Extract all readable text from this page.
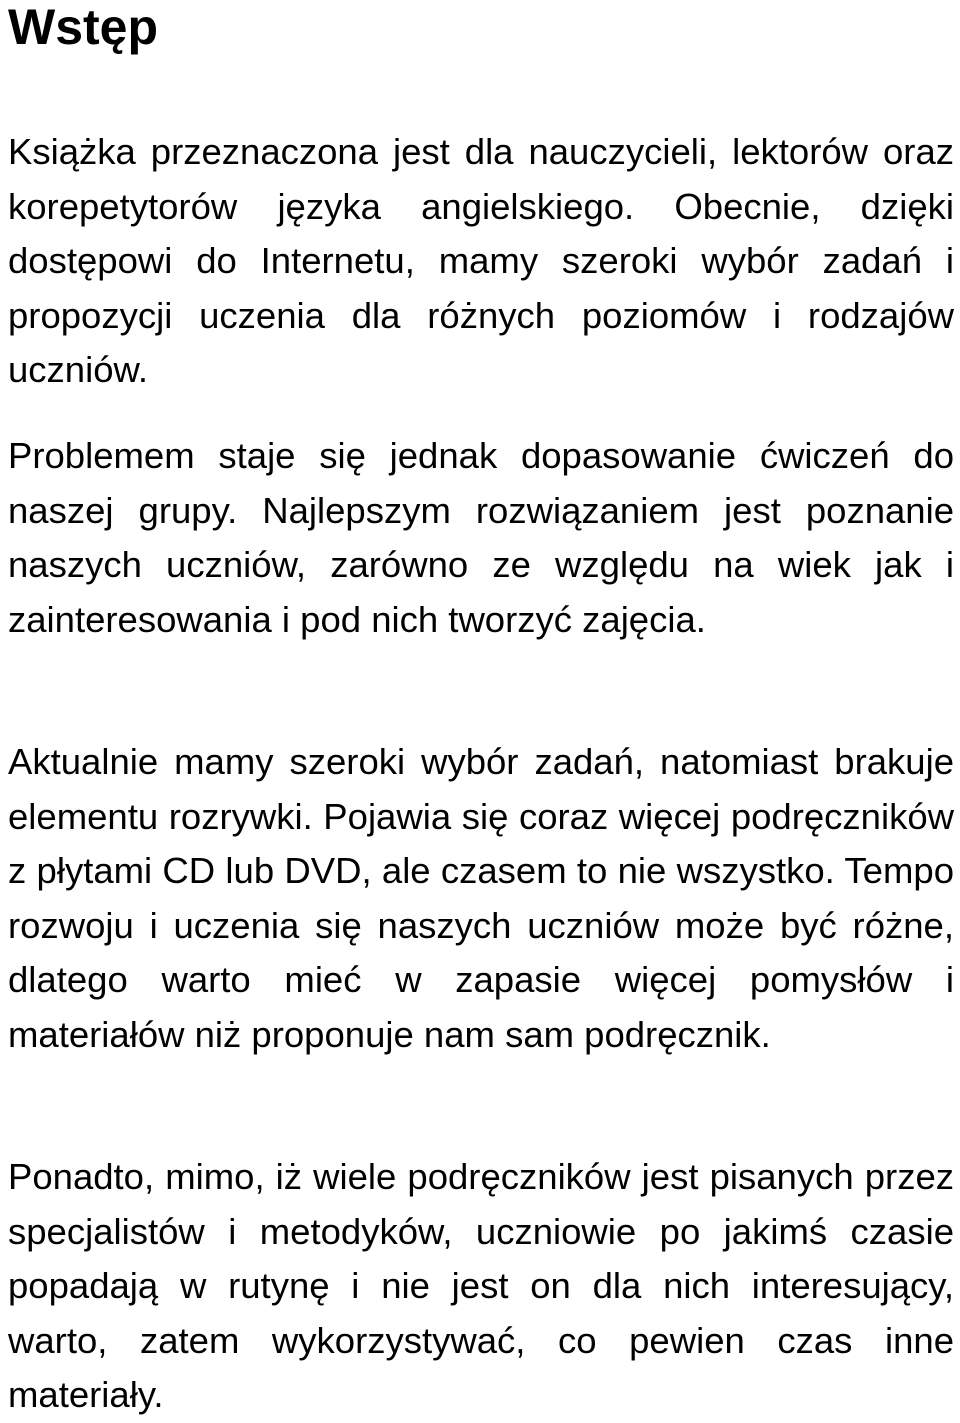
Wstęp

Książka przeznaczona jest dla nauczycieli, lektorów oraz korepetytorów języka angielskiego. Obecnie, dzięki dostępowi do Internetu, mamy szeroki wybór zadań i propozycji uczenia dla różnych poziomów i rodzajów uczniów.

Problemem staje się jednak dopasowanie ćwiczeń do naszej grupy. Najlepszym rozwiązaniem jest poznanie naszych uczniów, zarówno ze względu na wiek jak i zainteresowania i pod nich tworzyć zajęcia.

Aktualnie mamy szeroki wybór zadań, natomiast brakuje elementu rozrywki. Pojawia się coraz więcej podręczników z płytami CD lub DVD, ale czasem to nie wszystko. Tempo rozwoju i uczenia się naszych uczniów może być różne, dlatego warto mieć w zapasie więcej pomysłów i materiałów niż proponuje nam sam podręcznik.

Ponadto, mimo, iż wiele podręczników jest pisanych przez specjalistów i metodyków, uczniowie po jakimś czasie popadają w rutynę i nie jest on dla nich interesujący, warto, zatem wykorzystywać, co pewien czas inne materiały.
